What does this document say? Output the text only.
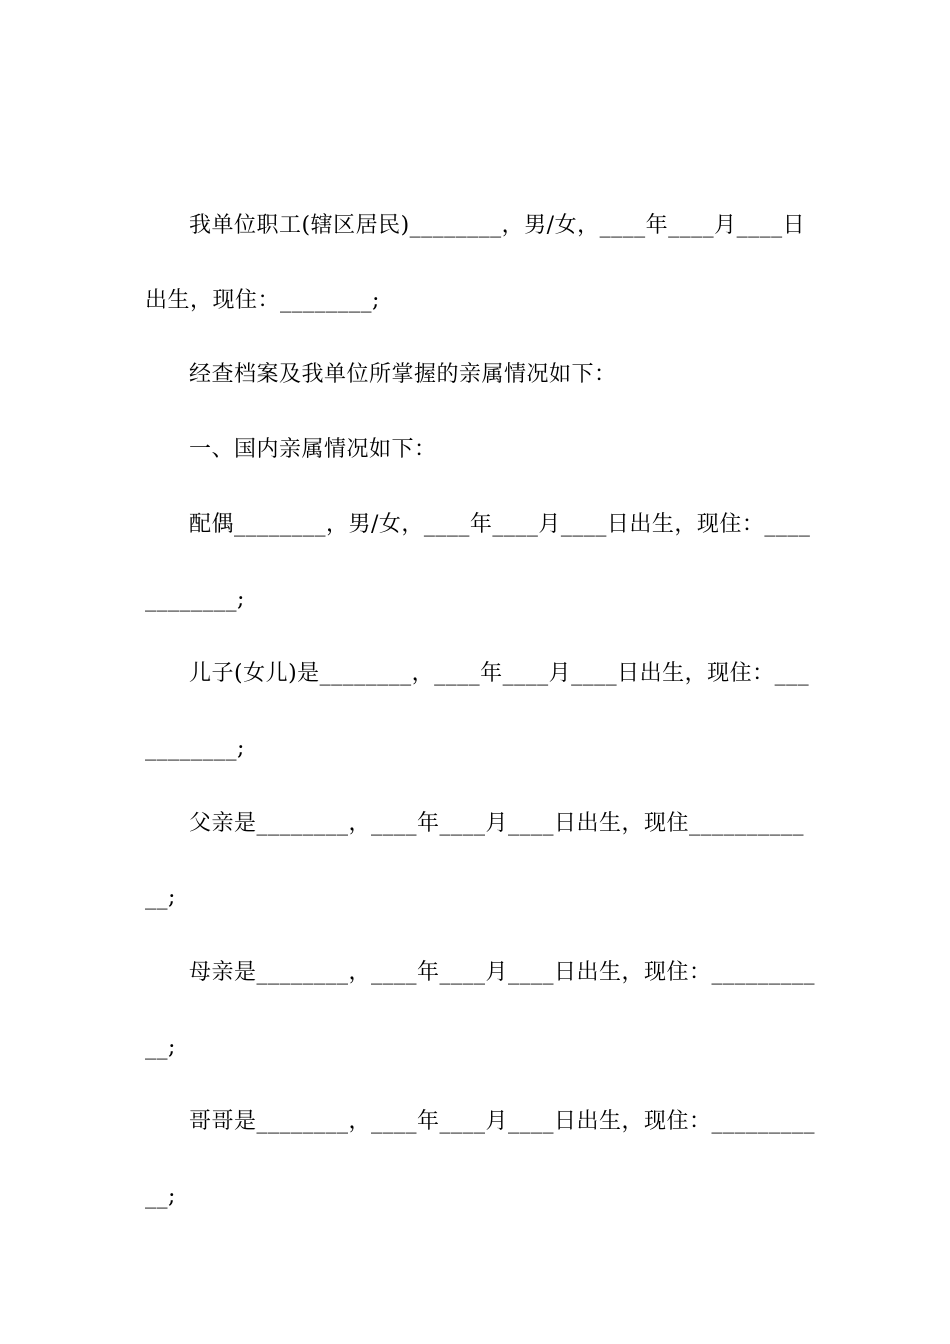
我单位职工(辖区居民)________，男/女，____年____月____日
出生，现住：________;
经查档案及我单位所掌握的亲属情况如下：
一、国内亲属情况如下：
配偶________，男/女，____年____月____日出生，现住：____
________;
儿子(女儿)是________，____年____月____日出生，现住：___
________;
父亲是________，____年____月____日出生，现住__________
__;
母亲是________，____年____月____日出生，现住：_________
__;
哥哥是________，____年____月____日出生，现住：_________
__;
